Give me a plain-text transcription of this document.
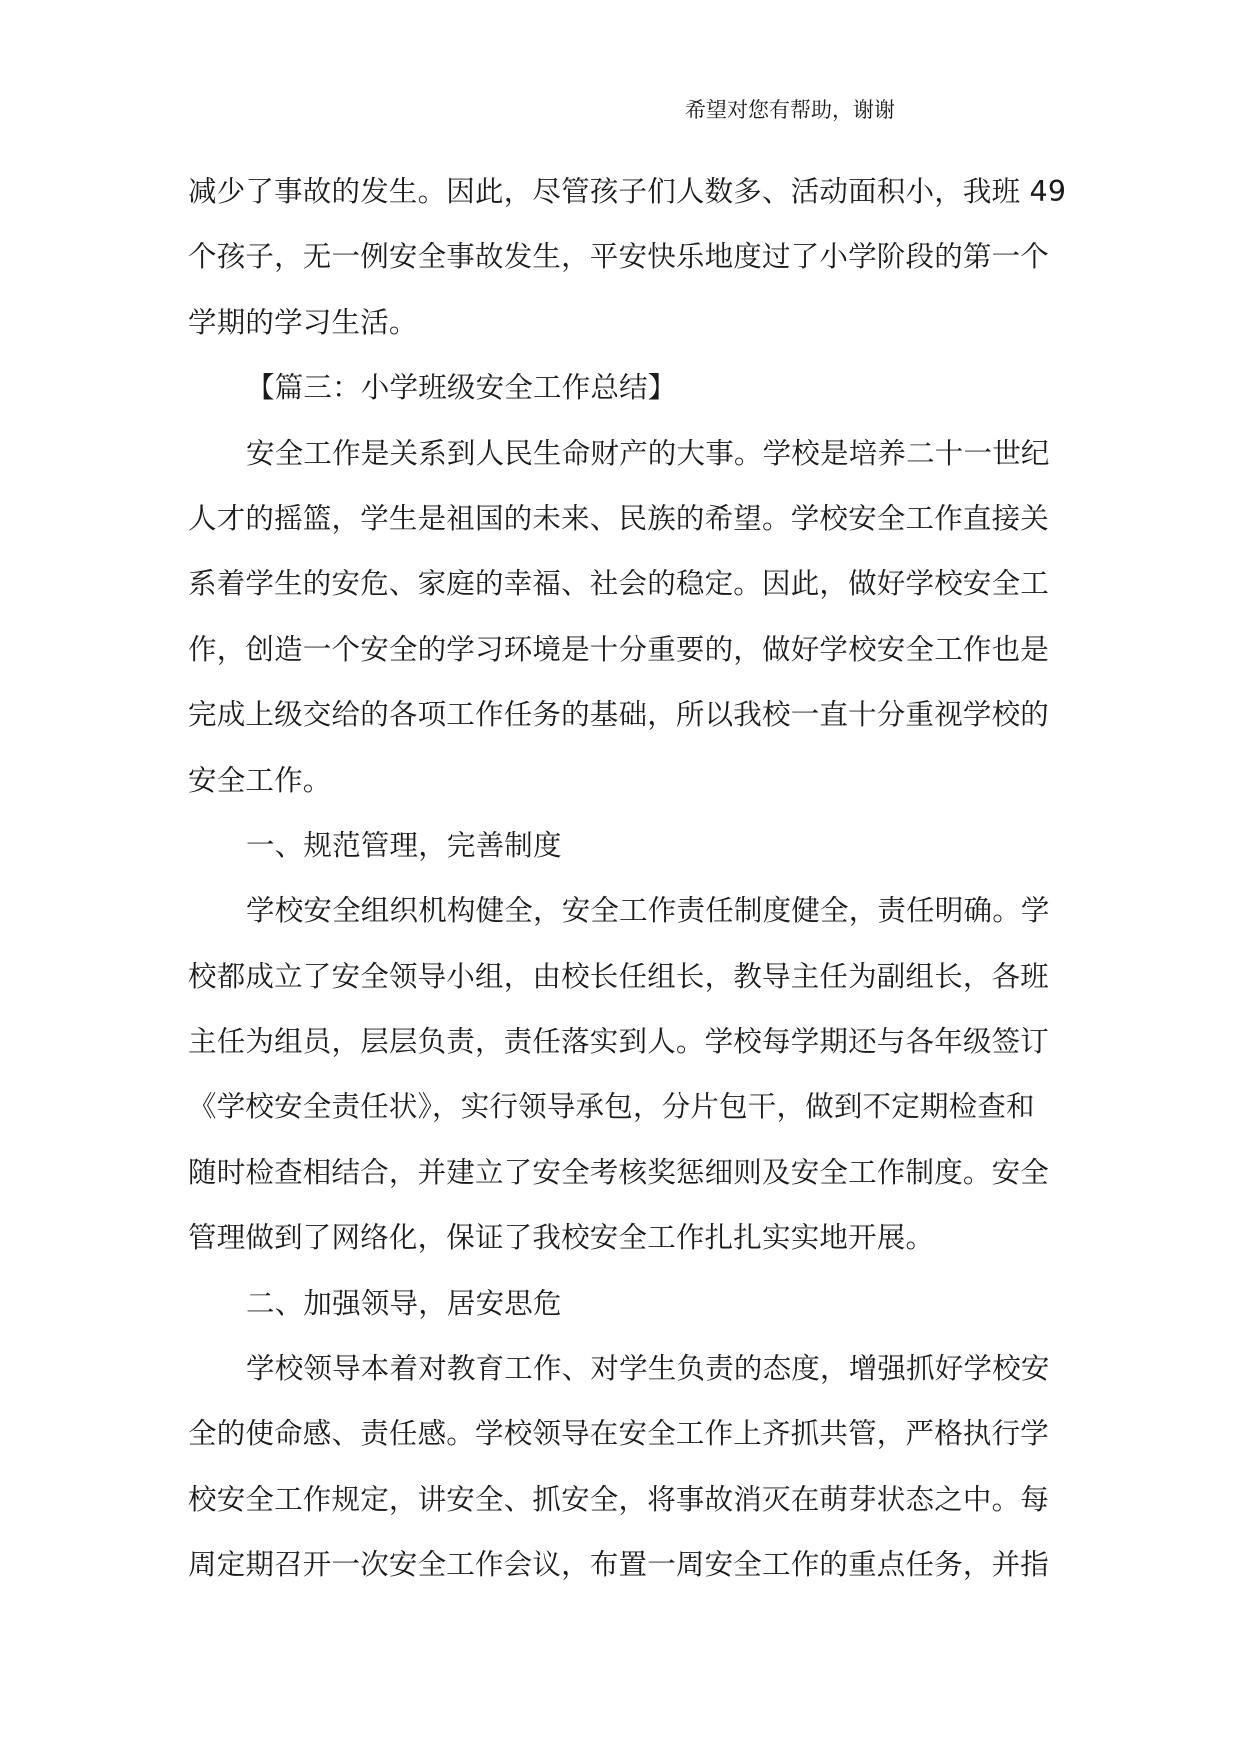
希望对您有帮助，谢谢
减少了事故的发生。因此，尽管孩子们人数多、活动面积小，我班 49
个孩子，无一例安全事故发生，平安快乐地度过了小学阶段的第一个
学期的学习生活。
【篇三：小学班级安全工作总结】
安全工作是关系到人民生命财产的大事。学校是培养二十一世纪
人才的摇篮，学生是祖国的未来、民族的希望。学校安全工作直接关
系着学生的安危、家庭的幸福、社会的稳定。因此，做好学校安全工
作，创造一个安全的学习环境是十分重要的，做好学校安全工作也是
完成上级交给的各项工作任务的基础，所以我校一直十分重视学校的
安全工作。
一、规范管理，完善制度
学校安全组织机构健全，安全工作责任制度健全，责任明确。学
校都成立了安全领导小组，由校长任组长，教导主任为副组长，各班
主任为组员，层层负责，责任落实到人。学校每学期还与各年级签订
《学校安全责任状》，实行领导承包，分片包干，做到不定期检查和
随时检查相结合，并建立了安全考核奖惩细则及安全工作制度。安全
管理做到了网络化，保证了我校安全工作扎扎实实地开展。
二、加强领导，居安思危
学校领导本着对教育工作、对学生负责的态度，增强抓好学校安
全的使命感、责任感。学校领导在安全工作上齐抓共管，严格执行学
校安全工作规定，讲安全、抓安全，将事故消灭在萌芽状态之中。每
周定期召开一次安全工作会议，布置一周安全工作的重点任务，并指
